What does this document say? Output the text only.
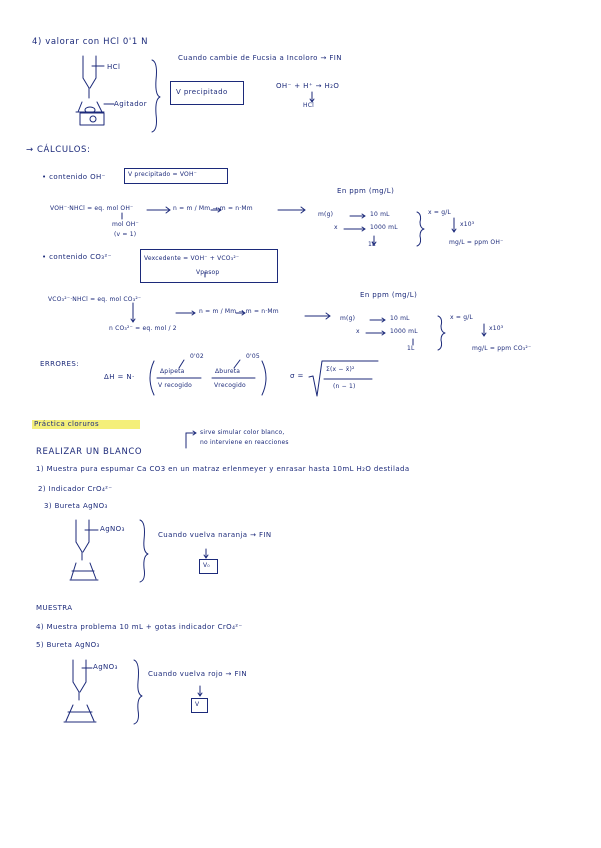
4) valorar con HCl 0'1 N
HCl
Agitador
Cuando cambie de Fucsia a Incoloro → FIN
V precipitado
OH⁻ + H⁺ → H₂O
HCl
→ CÁLCULOS:
• contenido OH⁻	V precipitado = VOH⁻
En ppm (mg/L)
VOH⁻·NHCl = eq. mol OH⁻
mol OH⁻
(v = 1)
n = m / Mm → m = n·Mm
m(g)	10 mL
x	1000 mL
1L
x = g/L
x10³
mg/L = ppm OH⁻
• contenido CO₃²⁻	Vexcedente = VOH⁻ + VCO₃²⁻
Vpasop
En ppm (mg/L)
VCO₃²⁻·NHCl = eq. mol CO₃²⁻
n CO₃²⁻ = eq. mol / 2
n = m / Mm → m = n·Mm
m(g)	10 mL
x	1000 mL
1L
x = g/L
x10³
mg/L = ppm CO₃²⁻
ERRORES:
ΔH = N·
Δpipeta
V recogido
Δbureta
Vrecogido
0'02	0'05
σ =
Σ(x − x̄)²
(n − 1)
Práctica cloruros
REALIZAR UN BLANCO
sirve simular color blanco,
no interviene en reacciones
1) Muestra pura espumar Ca CO3 en un matraz erlenmeyer y enrasar hasta 10mL H₂O destilada
2) Indicador CrO₄²⁻
3) Bureta AgNO₃
AgNO₃
Cuando vuelva naranja → FIN
V₀
MUESTRA
4) Muestra problema 10 mL + gotas indicador CrO₄²⁻
5) Bureta AgNO₃
AgNO₃
Cuando vuelva rojo → FIN
V
